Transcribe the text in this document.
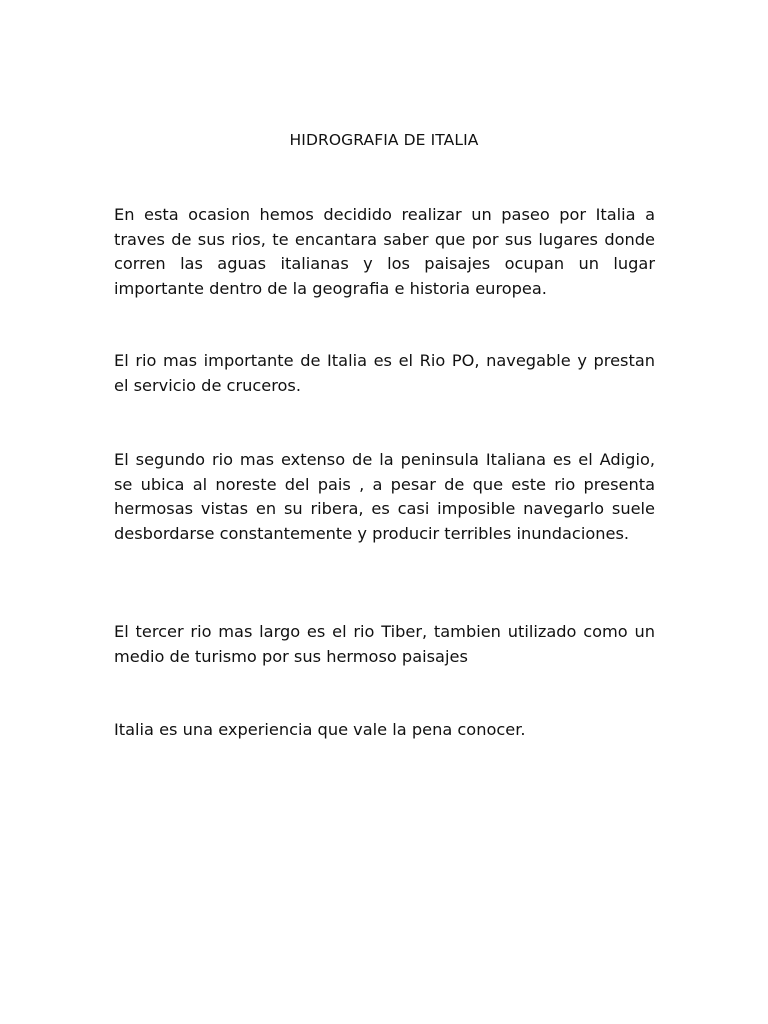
HIDROGRAFIA DE ITALIA

En esta ocasion hemos decidido realizar un paseo por Italia a traves de sus rios, te encantara saber que por sus lugares donde corren las aguas italianas y los paisajes ocupan un lugar importante dentro de la geografia e historia europea.

El rio mas importante de Italia es el Rio PO, navegable y prestan el servicio de cruceros.

El segundo rio mas extenso de la peninsula Italiana es el Adigio, se ubica al noreste del pais , a pesar de que este rio presenta hermosas vistas en su ribera, es casi imposible navegarlo suele desbordarse constantemente y producir terribles inundaciones.

El tercer rio mas largo es el rio Tiber, tambien utilizado como un medio de turismo por sus hermoso paisajes

Italia es una experiencia que vale la pena conocer.
